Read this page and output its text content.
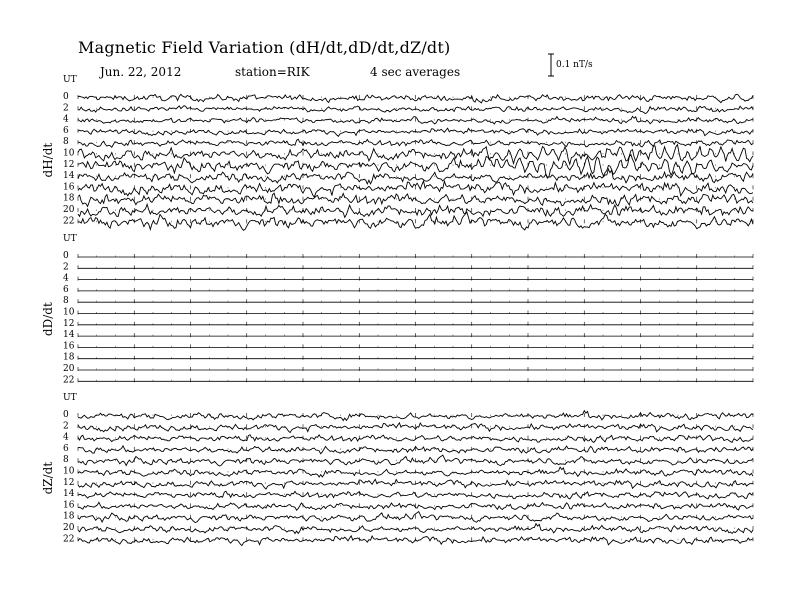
Magnetic Field Variation (dH/dt,dD/dt,dZ/dt)
Jun. 22, 2012	station=RIK	4 sec averages	0.1 nT/s
UT
dH/dt
0
2
4
6
8
10
12
14
16
18
20
22
UT
dD/dt
0
2
4
6
8
10
12
14
16
18
20
22
UT
dZ/dt
0
2
4
6
8
10
12
14
16
18
20
22
